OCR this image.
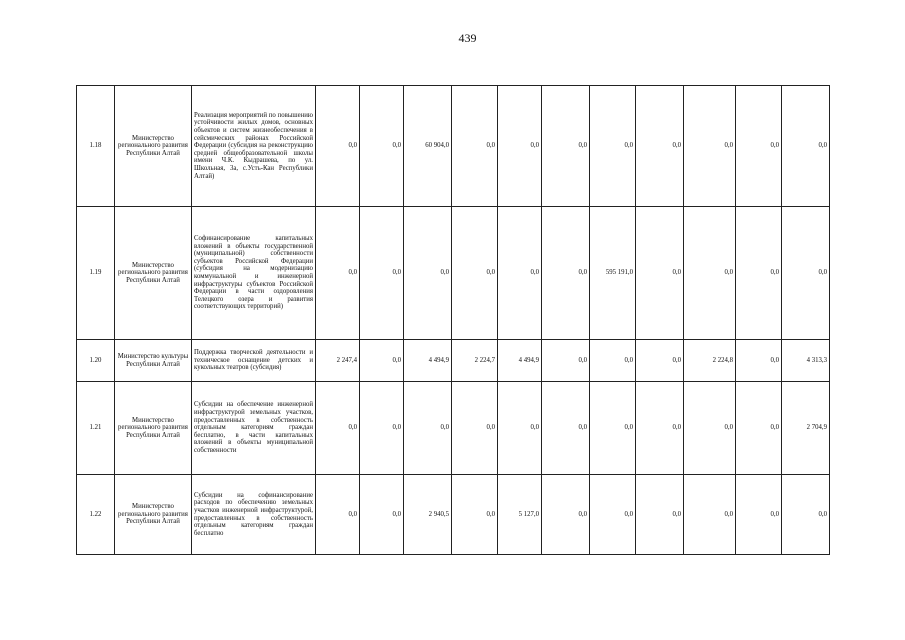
439
1.18	Министерство регионального развития Республики Алтай	Реализация мероприятий по повышению устойчивости жилых домов, основных объектов и систем жизнеобеспечения в сейсмических районах Российской Федерации (субсидия на реконструкцию средней общеобразовательной школы имени Ч.К. Кыдрашева, по ул. Школьная, 3а, с.Усть-Кан Республики Алтай)	0,0	0,0	60 904,0	0,0	0,0	0,0	0,0	0,0	0,0	0,0	0,0
1.19	Министерство регионального развития Республики Алтай	Софинансирование капитальных вложений в объекты государственной (муниципальной) собственности субъектов Российской Федерации (субсидия на модернизацию коммунальной и инженерной инфраструктуры субъектов Российской Федерации в части оздоровления Телецкого озера и развития соответствующих территорий)	0,0	0,0	0,0	0,0	0,0	0,0	595 191,0	0,0	0,0	0,0	0,0
1.20	Министерство культуры Республики Алтай	Поддержка творческой деятельности и техническое оснащение детских и кукольных театров (субсидия)	2 247,4	0,0	4 494,9	2 224,7	4 494,9	0,0	0,0	0,0	2 224,8	0,0	4 313,3
1.21	Министерство регионального развития Республики Алтай	Субсидии на обеспечение инженерной инфраструктурой земельных участков, предоставленных в собственность отдельным категориям граждан бесплатно, в части капитальных вложений в объекты муниципальной собственности	0,0	0,0	0,0	0,0	0,0	0,0	0,0	0,0	0,0	0,0	2 704,9
1.22	Министерство регионального развития Республики Алтай	Субсидии на софинансирование расходов по обеспечению земельных участков инженерной инфраструктурой, предоставленных в собственность отдельным категориям граждан бесплатно	0,0	0,0	2 940,5	0,0	5 127,0	0,0	0,0	0,0	0,0	0,0	0,0
